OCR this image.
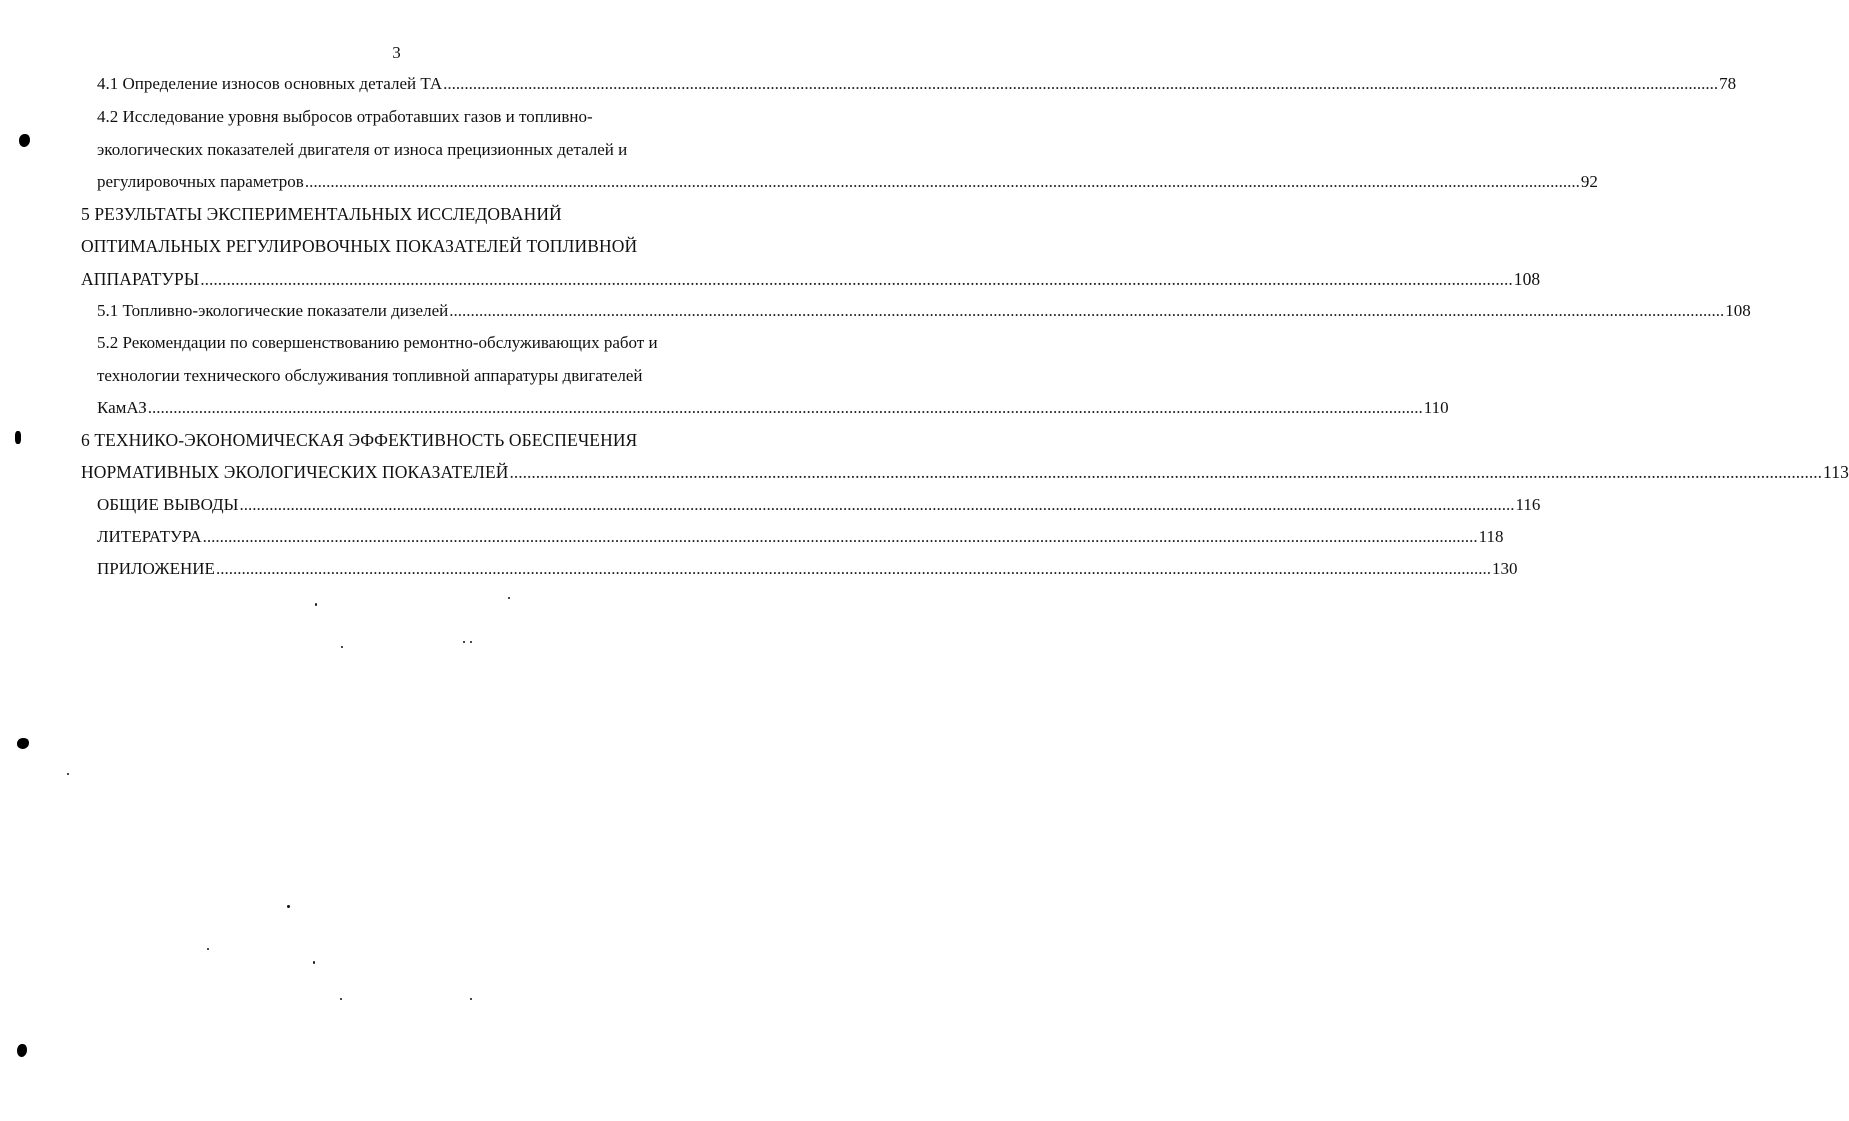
3
4.1 Определение износов основных деталей ТА ............................................................................................................................................................................................................................................................................................................ 78
4.2 Исследование уровня выбросов отработавших газов и топливно-
экологических показателей двигателя от износа прецизионных деталей и
регулировочных параметров ............................................................................................................................................................................................................................................................................................................ 92
5 РЕЗУЛЬТАТЫ ЭКСПЕРИМЕНТАЛЬНЫХ ИССЛЕДОВАНИЙ
ОПТИМАЛЬНЫХ РЕГУЛИРОВОЧНЫХ ПОКАЗАТЕЛЕЙ ТОПЛИВНОЙ
АППАРАТУРЫ ............................................................................................................................................................................................................................................................................................................ 108
5.1 Топливно-экологические показатели дизелей ............................................................................................................................................................................................................................................................................................................ 108
5.2 Рекомендации по совершенствованию ремонтно-обслуживающих работ и
технологии технического обслуживания топливной аппаратуры двигателей
КамАЗ ............................................................................................................................................................................................................................................................................................................ 110
6 ТЕХНИКО-ЭКОНОМИЧЕСКАЯ ЭФФЕКТИВНОСТЬ ОБЕСПЕЧЕНИЯ
НОРМАТИВНЫХ ЭКОЛОГИЧЕСКИХ ПОКАЗАТЕЛЕЙ ............................................................................................................................................................................................................................................................................................................ 113
ОБЩИЕ ВЫВОДЫ ............................................................................................................................................................................................................................................................................................................ 116
ЛИТЕРАТУРА ............................................................................................................................................................................................................................................................................................................ 118
ПРИЛОЖЕНИЕ ............................................................................................................................................................................................................................................................................................................ 130
